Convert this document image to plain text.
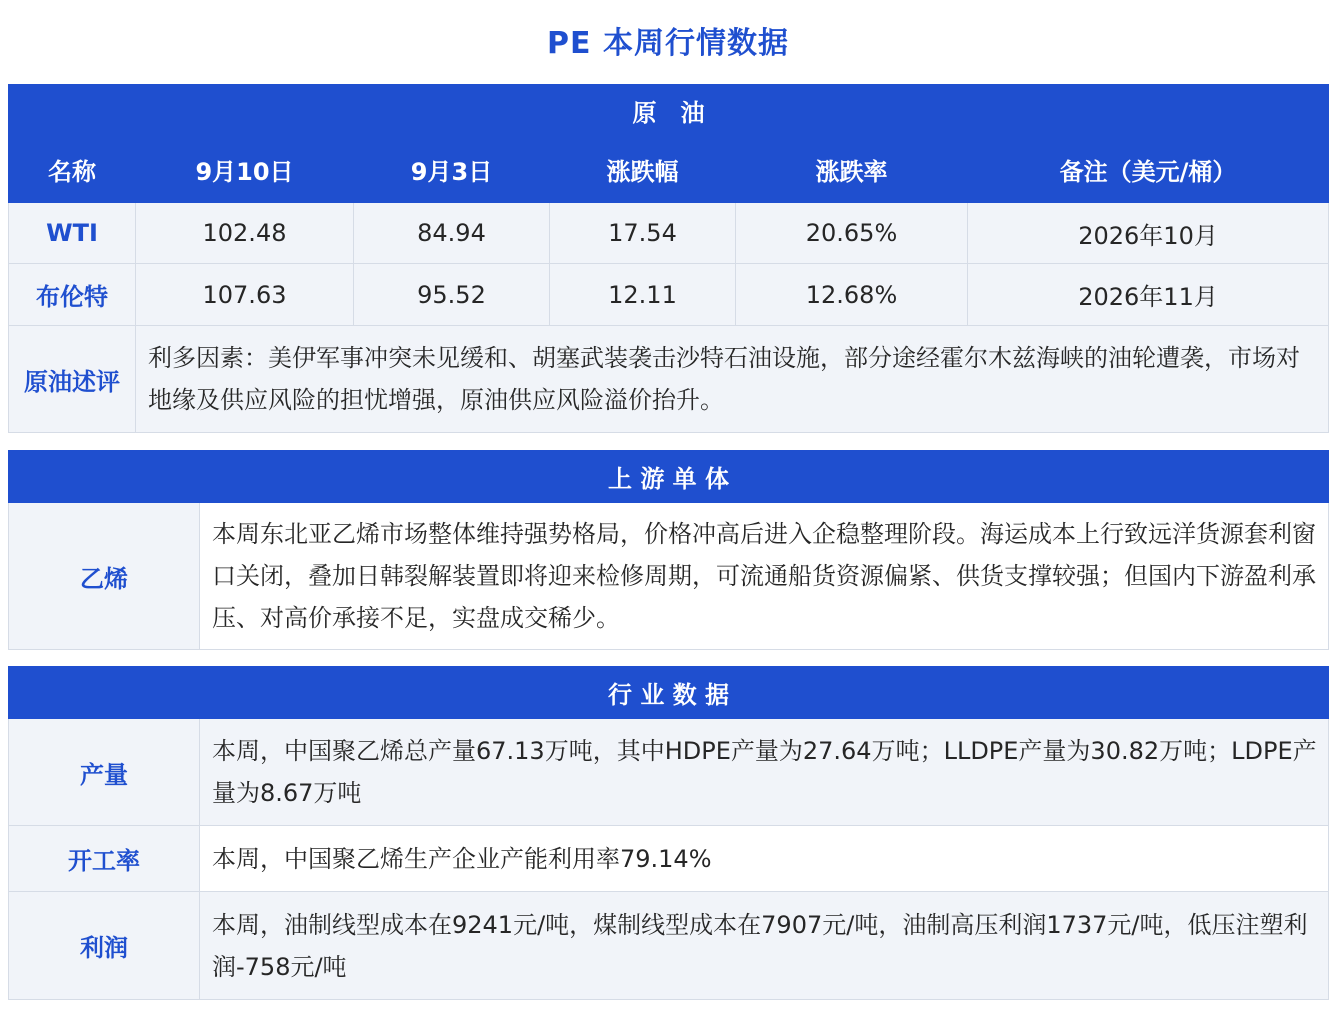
PE 本周行情数据
原　油					
名称	9月10日	9月3日	涨跌幅	涨跌率	备注（美元/桶）
WTI	102.48	84.94	17.54	20.65%	2026年10月
布伦特	107.63	95.52	12.11	12.68%	2026年11月
原油述评	利多因素：美伊军事冲突未见缓和、胡塞武装袭击沙特石油设施，部分途经霍尔木兹海峡的油轮遭袭，市场对地缘及供应风险的担忧增强，原油供应风险溢价抬升。				
上 游 单 体
乙烯	本周东北亚乙烯市场整体维持强势格局，价格冲高后进入企稳整理阶段。海运成本上行致远洋货源套利窗口关闭，叠加日韩裂解装置即将迎来检修周期，可流通船货资源偏紧、供货支撑较强；但国内下游盈利承压、对高价承接不足，实盘成交稀少。
行 业 数 据	
产量	本周，中国聚乙烯总产量67.13万吨，其中HDPE产量为27.64万吨；LLDPE产量为30.82万吨；LDPE产量为8.67万吨
开工率	本周，中国聚乙烯生产企业产能利用率79.14%
利润	本周，油制线型成本在9241元/吨，煤制线型成本在7907元/吨，油制高压利润1737元/吨，低压注塑利润-758元/吨
